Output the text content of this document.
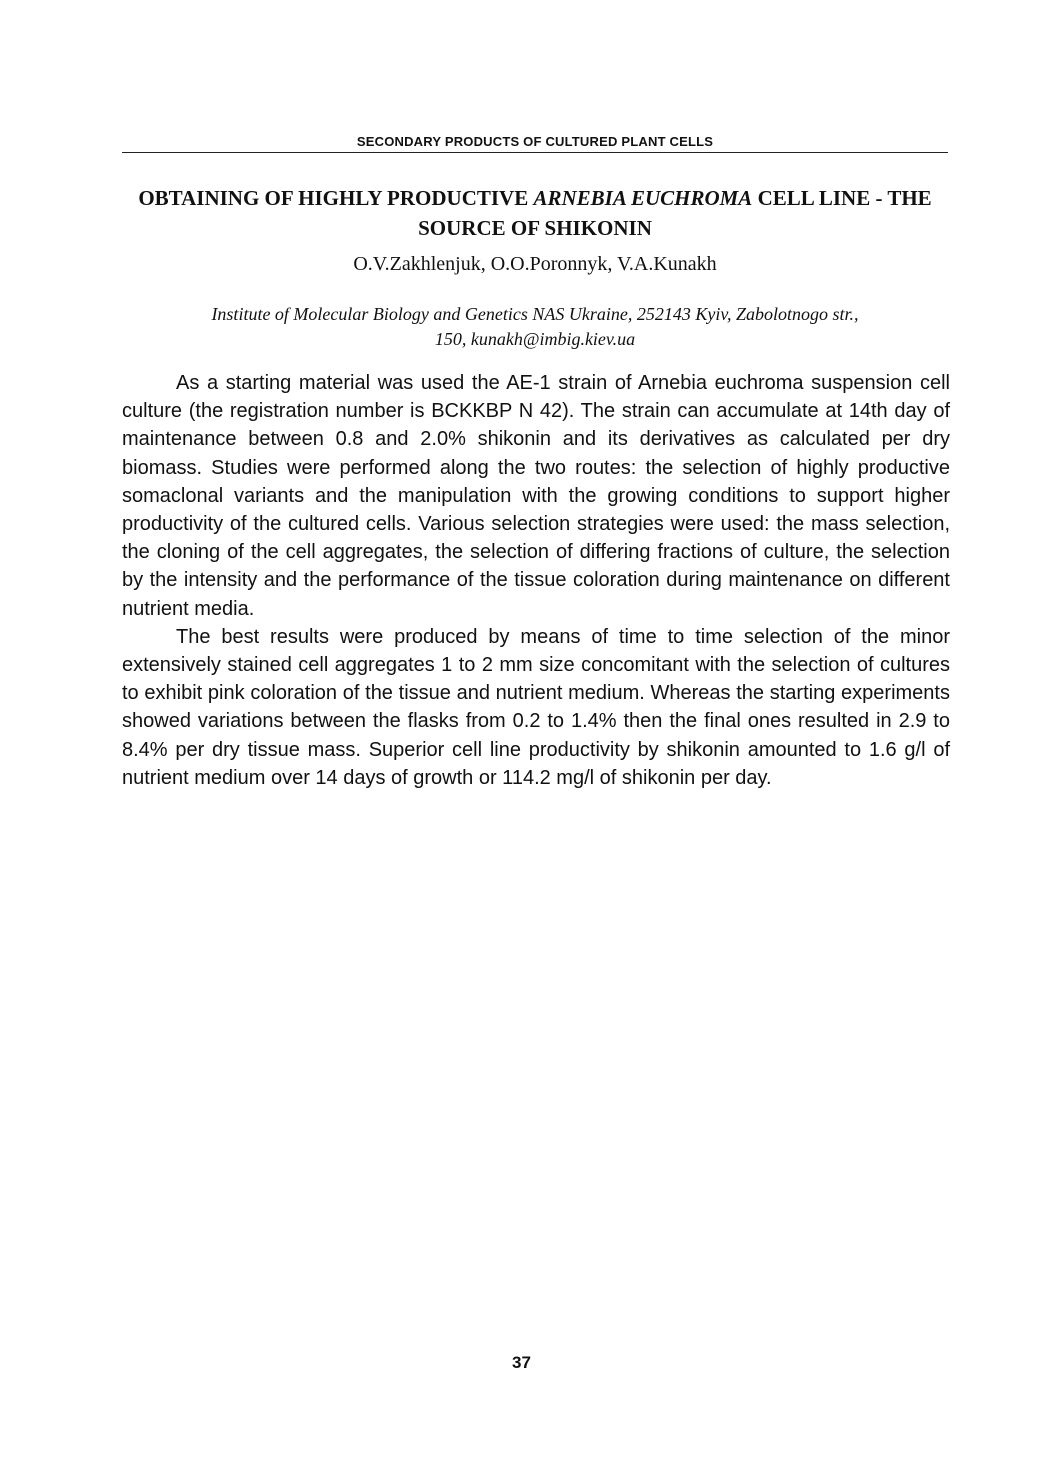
SECONDARY PRODUCTS OF CULTURED PLANT CELLS
OBTAINING OF HIGHLY PRODUCTIVE ARNEBIA EUCHROMA CELL LINE - THE SOURCE OF SHIKONIN
O.V.Zakhlenjuk, O.O.Poronnyk, V.A.Kunakh
Institute of Molecular Biology and Genetics NAS Ukraine, 252143 Kyiv, Zabolotnogo str.,
150, kunakh@imbig.kiev.ua

As a starting material was used the AE-1 strain of Arnebia euchroma suspension cell culture (the registration number is BCKKBP N 42). The strain can accumulate at 14th day of maintenance between 0.8 and 2.0% shikonin and its derivatives as calculated per dry biomass. Studies were performed along the two routes: the selection of highly productive somaclonal variants and the manipulation with the growing conditions to support higher productivity of the cultured cells. Various selection strategies were used: the mass selection, the cloning of the cell aggregates, the selection of differing fractions of culture, the selection by the intensity and the performance of the tissue coloration during maintenance on different nutrient media.

The best results were produced by means of time to time selection of the minor extensively stained cell aggregates 1 to 2 mm size concomitant with the selection of cultures to exhibit pink coloration of the tissue and nutrient medium. Whereas the starting experiments showed variations between the flasks from 0.2 to 1.4% then the final ones resulted in 2.9 to 8.4% per dry tissue mass. Superior cell line productivity by shikonin amounted to 1.6 g/l of nutrient medium over 14 days of growth or 114.2 mg/l of shikonin per day.

37
